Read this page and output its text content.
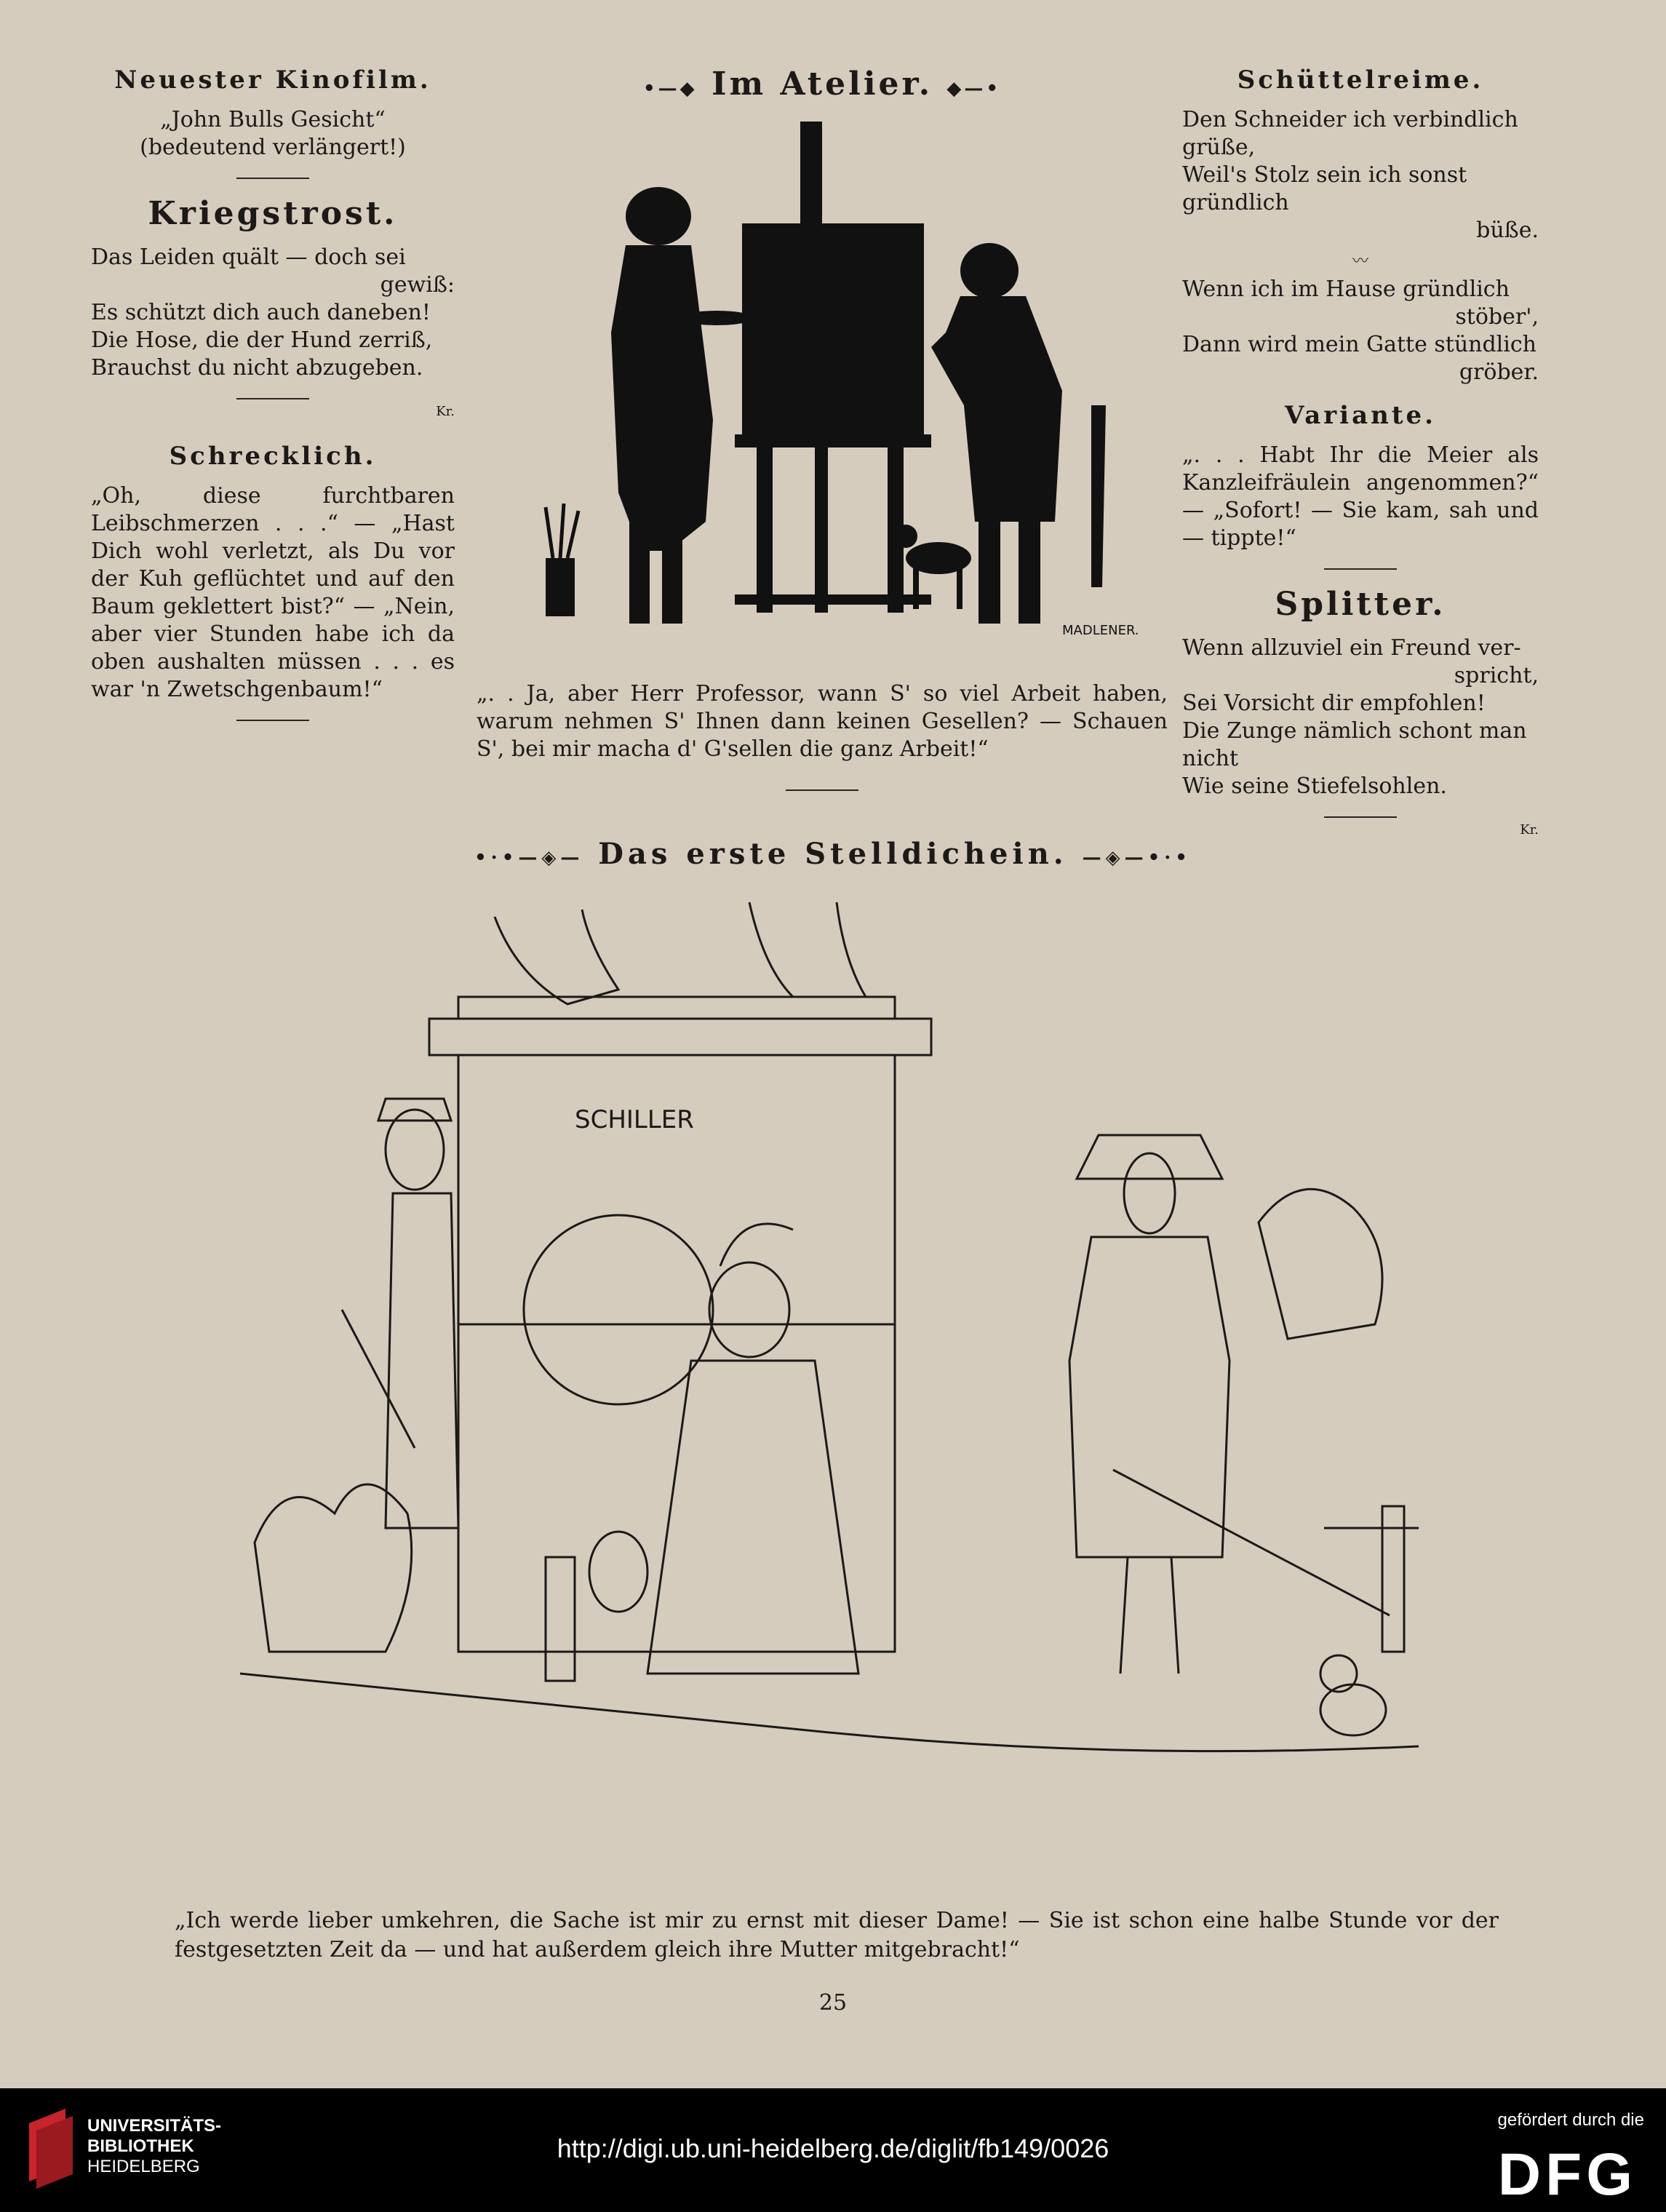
Neuester Kinofilm.

„John Bulls Gesicht“

(bedeutend verlängert!)

Kriegstrost.

Das Leiden quält — doch sei

gewiß:

Es schützt dich auch daneben!

Die Hose, die der Hund zerriß,

Brauchst du nicht abzugeben.

Kr.
Schrecklich.

„Oh, diese furchtbaren Leibschmerzen . . .“ — „Hast Dich wohl verletzt, als Du vor der Kuh geflüchtet und auf den Baum geklettert bist?“ — „Nein, aber vier Stunden habe ich da oben aushalten müssen . . . es war 'n Zwetschgenbaum!“

•—◆ Im Atelier. ◆—•
MADLENER.

„. . Ja, aber Herr Professor, wann S' so viel Arbeit haben, warum nehmen S' Ihnen dann keinen Gesellen? — Schauen S', bei mir macha d' G'sellen die ganz Arbeit!“

Schüttelreime.

Den Schneider ich verbindlich grüße,

Weil's Stolz sein ich sonst gründlich

büße.

〰

Wenn ich im Hause gründlich

stöber',

Dann wird mein Gatte stündlich

gröber.

Variante.

„. . . Habt Ihr die Meier als Kanzleifräulein angenommen?“ — „Sofort! — Sie kam, sah und — tippte!“

Splitter.

Wenn allzuviel ein Freund ver-

spricht,

Sei Vorsicht dir empfohlen!

Die Zunge nämlich schont man nicht

Wie seine Stiefelsohlen.

Kr.
•·•—◈— Das erste Stelldichein. —◈—•·•
SCHILLER

„Ich werde lieber umkehren, die Sache ist mir zu ernst mit dieser Dame! — Sie ist schon eine halbe Stunde vor der festgesetzten Zeit da — und hat außerdem gleich ihre Mutter mitgebracht!“

25
UNIVERSITÄTS-
BIBLIOTHEK
HEIDELBERG
http://digi.ub.uni-heidelberg.de/diglit/fb149/0026
gefördert durch die
DFG
